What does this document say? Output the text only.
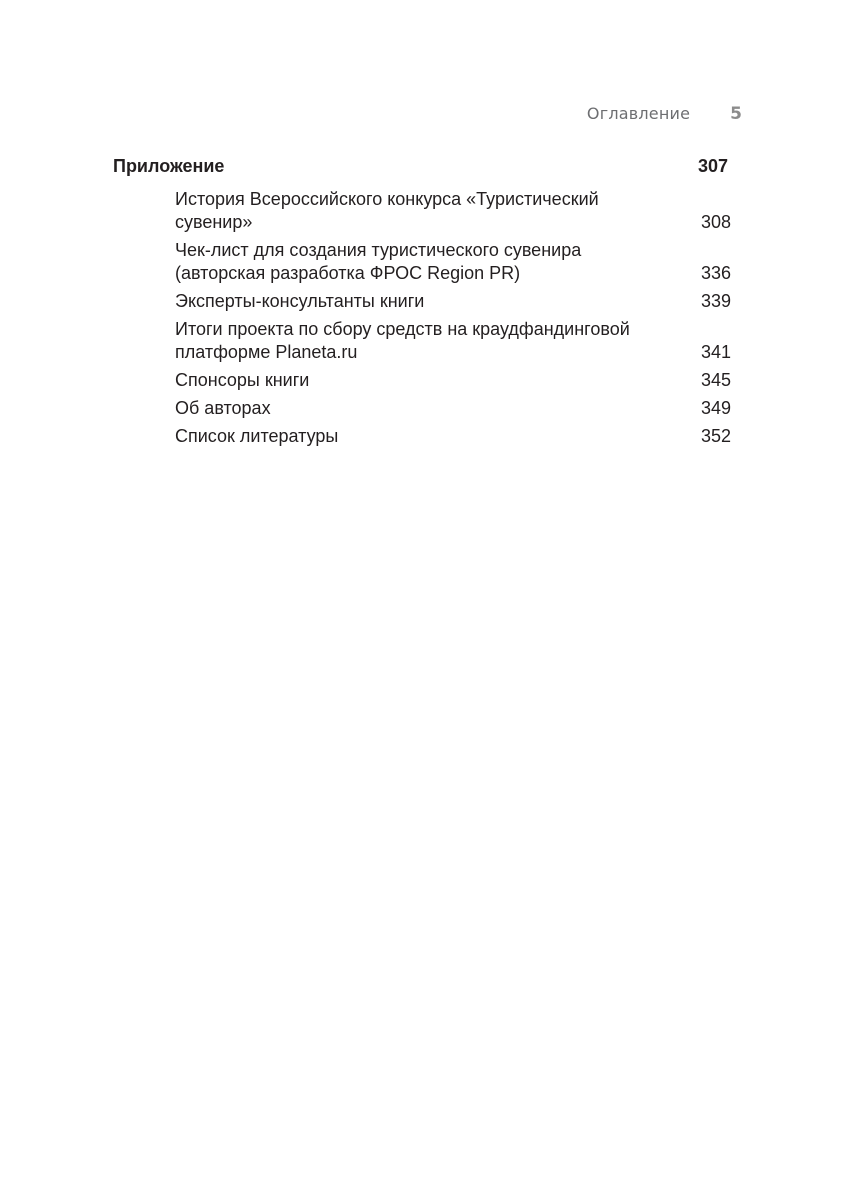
Оглавление 5
Приложение	307
История Всероссийского конкурса «Туристический сувенир»	308
Чек-лист для создания туристического сувенира (авторская разработка ФРОС Region PR)	336
Эксперты-консультанты книги	339
Итоги проекта по сбору средств на краудфандинговой платформе Planeta.ru	341
Спонсоры книги	345
Об авторах	349
Список литературы	352
